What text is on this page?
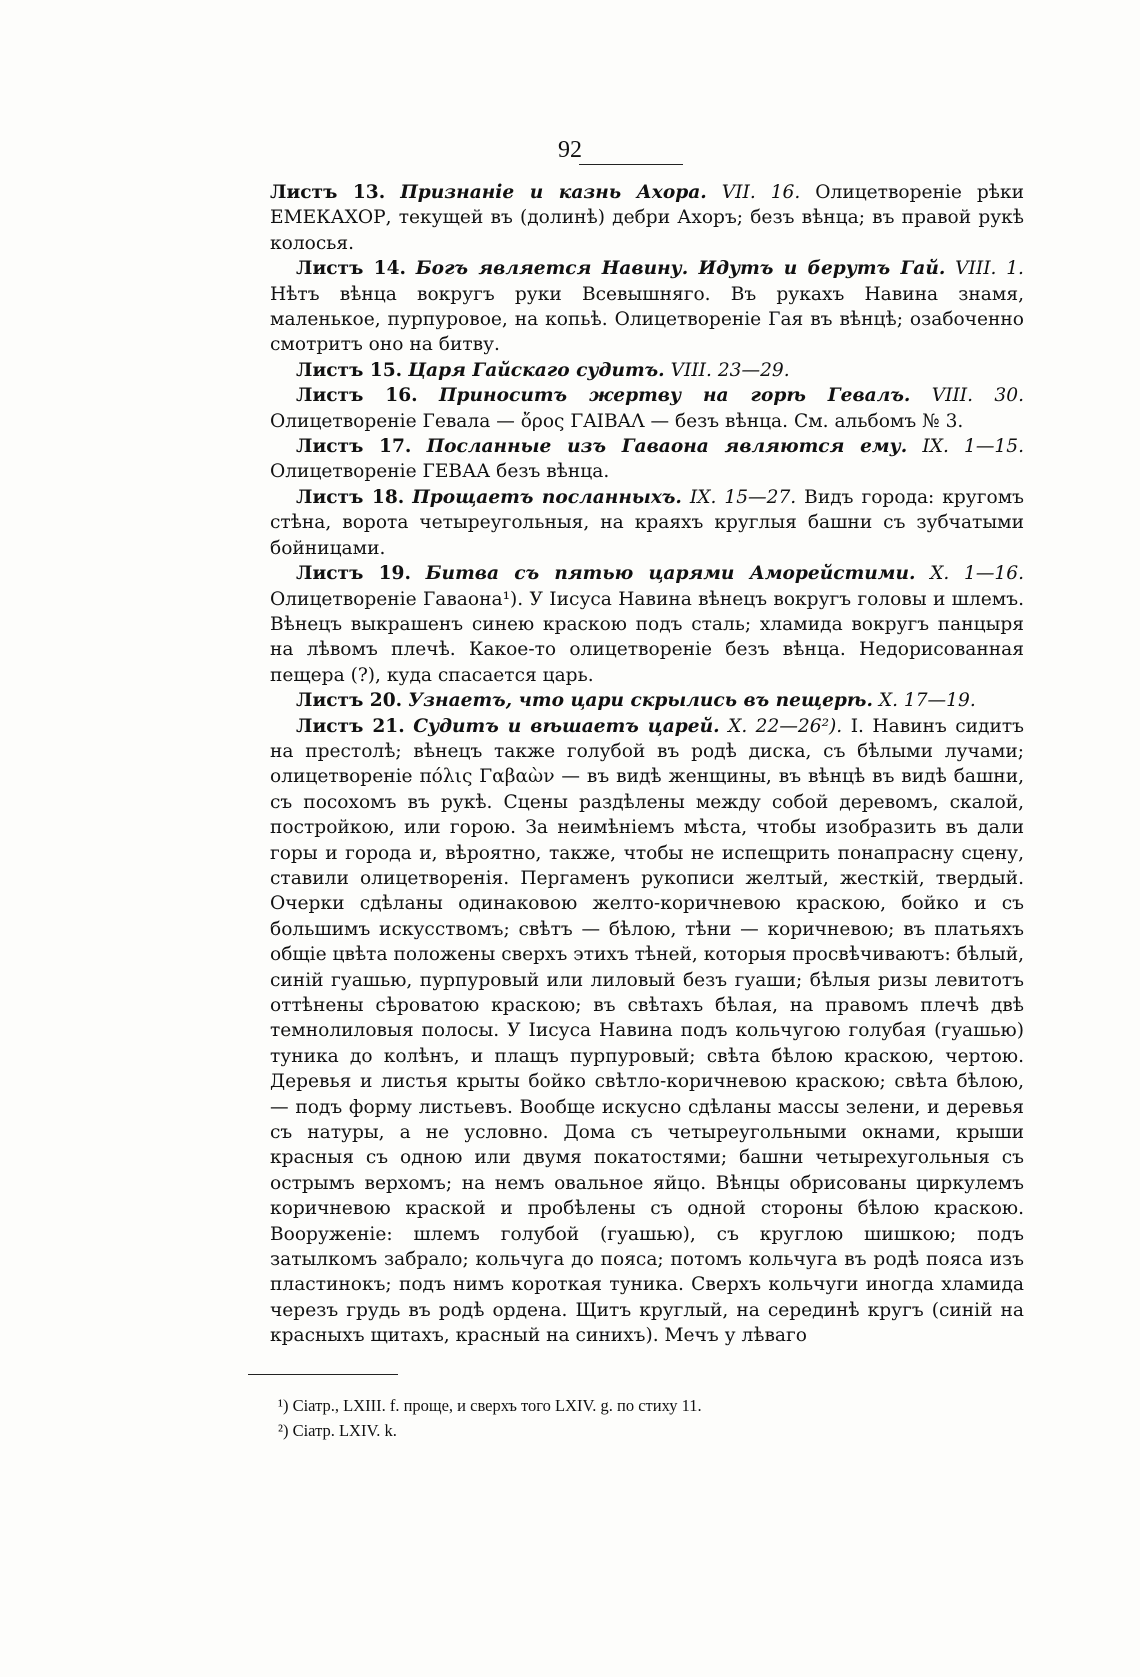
92

Листъ 13. Признаніе и казнь Ахора. VII. 16. Олицетвореніе рѣки ЕМЕКАХОР, текущей въ (долинѣ) дебри Ахоръ; безъ вѣнца; въ правой рукѣ колосья.

Листъ 14. Богъ является Навину. Идутъ и берутъ Гай. VIII. 1. Нѣтъ вѣнца вокругъ руки Всевышняго. Въ рукахъ Навина знамя, маленькое, пурпуровое, на копьѣ. Олицетвореніе Гая въ вѣнцѣ; озабоченно смотритъ оно на битву.

Листъ 15. Царя Гайскаго судитъ. VIII. 23—29.

Листъ 16. Приноситъ жертву на горѣ Гевалъ. VIII. 30. Олицетвореніе Гевала — ὄρος ΓΑΙΒΑΛ — безъ вѣнца. См. альбомъ № 3.

Листъ 17. Посланные изъ Гаваона являются ему. IX. 1—15. Олицетвореніе ГЕВАА безъ вѣнца.

Листъ 18. Прощаетъ посланныхъ. IX. 15—27. Видъ города: кругомъ стѣна, ворота четыреугольныя, на краяхъ круглыя башни съ зубчатыми бойницами.

Листъ 19. Битва съ пятью царями Аморейстими. X. 1—16. Олицетвореніе Гаваона¹). У Іисуса Навина вѣнецъ вокругъ головы и шлемъ. Вѣнецъ выкрашенъ синею краскою подъ сталь; хламида вокругъ панцыря на лѣвомъ плечѣ. Какое-то олицетвореніе безъ вѣнца. Недорисованная пещера (?), куда спасается царь.

Листъ 20. Узнаетъ, что цари скрылись въ пещерѣ. X. 17—19.

Листъ 21. Судитъ и вѣшаетъ царей. X. 22—26²). І. Навинъ сидитъ на престолѣ; вѣнецъ также голубой въ родѣ диска, съ бѣлыми лучами; олицетвореніе πόλις Γαβαὼν — въ видѣ женщины, въ вѣнцѣ въ видѣ башни, съ посохомъ въ рукѣ. Сцены раздѣлены между собой деревомъ, скалой, постройкою, или горою. За неимѣніемъ мѣста, чтобы изобразить въ дали горы и города и, вѣроятно, также, чтобы не испещрить понапрасну сцену, ставили олицетворенія. Пергаменъ рукописи желтый, жесткій, твердый. Очерки сдѣланы одинаковою желто-коричневою краскою, бойко и съ большимъ искусствомъ; свѣтъ — бѣлою, тѣни — коричневою; въ платьяхъ общіе цвѣта положены сверхъ этихъ тѣней, которыя просвѣчиваютъ: бѣлый, синій гуашью, пурпуровый или лиловый безъ гуаши; бѣлыя ризы левитотъ оттѣнены сѣроватою краскою; въ свѣтахъ бѣлая, на правомъ плечѣ двѣ темнолиловыя полосы. У Іисуса Навина подъ кольчугою голубая (гуашью) туника до колѣнъ, и плащъ пурпуровый; свѣта бѣлою краскою, чертою. Деревья и листья крыты бойко свѣтло-коричневою краскою; свѣта бѣлою, — подъ форму листьевъ. Вообще искусно сдѣланы массы зелени, и деревья съ натуры, а не условно. Дома съ четыреугольными окнами, крыши красныя съ одною или двумя покатостями; башни четырехугольныя съ острымъ верхомъ; на немъ овальное яйцо. Вѣнцы обрисованы циркулемъ коричневою краской и пробѣлены съ одной стороны бѣлою краскою. Вооруженіе: шлемъ голубой (гуашью), съ круглою шишкою; подъ затылкомъ забрало; кольчуга до пояса; потомъ кольчуга въ родѣ пояса изъ пластинокъ; подъ нимъ короткая туника. Сверхъ кольчуги иногда хламида черезъ грудь въ родѣ ордена. Щитъ круглый, на серединѣ кругъ (синій на красныхъ щитахъ, красный на синихъ). Мечъ у лѣваго

¹) Сіатр., LXIII. f. проще, и сверхъ того LXIV. g. по стиху 11.

²) Сіатр. LXIV. k.
